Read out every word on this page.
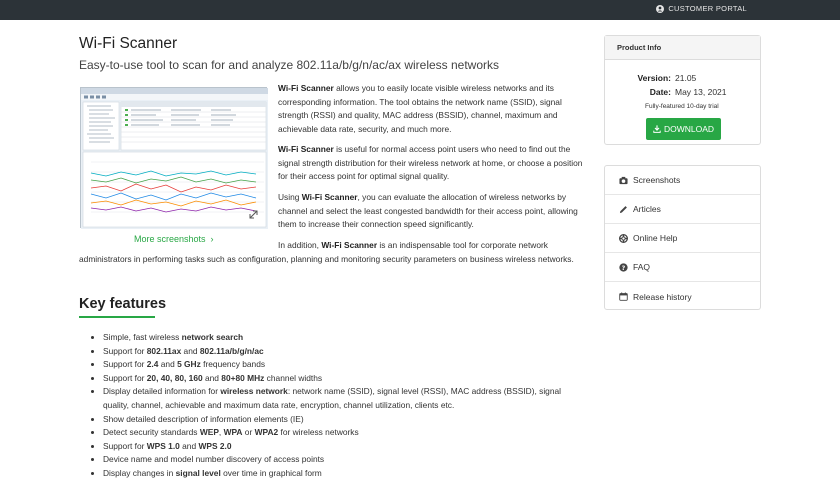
CUSTOMER PORTAL
Wi-Fi Scanner
Easy-to-use tool to scan for and analyze 802.11a/b/g/n/ac/ax wireless networks
More screenshots  ›

Wi-Fi Scanner allows you to easily locate visible wireless networks and its corresponding information. The tool obtains the network name (SSID), signal strength (RSSI) and quality, MAC address (BSSID), channel, maximum and achievable data rate, security, and much more.

Wi-Fi Scanner is useful for normal access point users who need to find out the signal strength distribution for their wireless network at home, or choose a position for their access point for optimal signal quality.

Using Wi-Fi Scanner, you can evaluate the allocation of wireless networks by channel and select the least congested bandwidth for their access point, allowing them to increase their connection speed significantly.

In addition, Wi-Fi Scanner is an indispensable tool for corporate network administrators in performing tasks such as configuration, planning and monitoring security parameters on business wireless networks.

Key features
• Simple, fast wireless network search
• Support for 802.11ax and 802.11a/b/g/n/ac
• Support for 2.4 and 5 GHz frequency bands
• Support for 20, 40, 80, 160 and 80+80 MHz channel widths
• Display detailed information for wireless network: network name (SSID), signal level (RSSI), MAC address (BSSID), signal quality, channel, achievable and maximum data rate, encryption, channel utilization, clients etc.
• Show detailed description of information elements (IE)
• Detect security standards WEP, WPA or WPA2 for wireless networks
• Support for WPS 1.0 and WPS 2.0
• Device name and model number discovery of access points
• Display changes in signal level over time in graphical form
Product Info
Version: 21.05
Date: May 13, 2021
Fully-featured 10-day trial
DOWNLOAD
Screenshots
Articles
Online Help
? FAQ
Release history
